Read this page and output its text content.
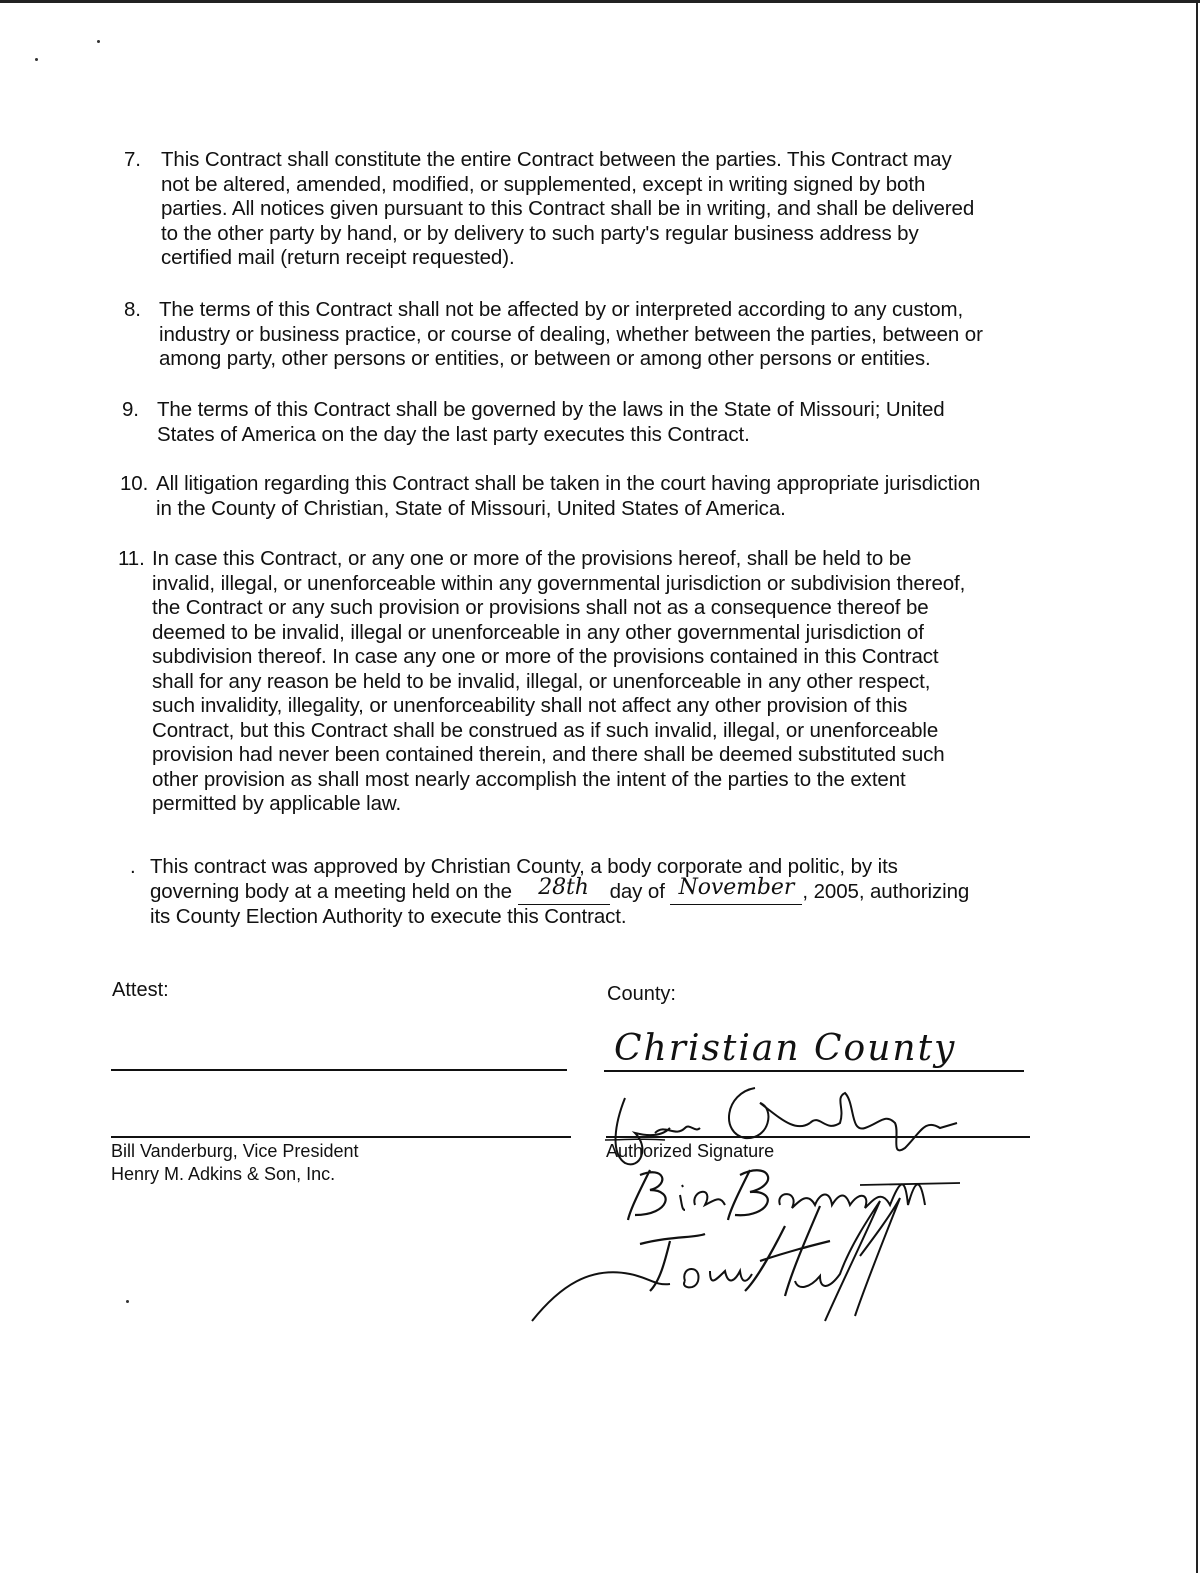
7. This Contract shall constitute the entire Contract between the parties. This Contract may
not be altered, amended, modified, or supplemented, except in writing signed by both
parties. All notices given pursuant to this Contract shall be in writing, and shall be delivered
to the other party by hand, or by delivery to such party's regular business address by
certified mail (return receipt requested).
8. The terms of this Contract shall not be affected by or interpreted according to any custom,
industry or business practice, or course of dealing, whether between the parties, between or
among party, other persons or entities, or between or among other persons or entities.
9. The terms of this Contract shall be governed by the laws in the State of Missouri; United
States of America on the day the last party executes this Contract.
10. All litigation regarding this Contract shall be taken in the court having appropriate jurisdiction
in the County of Christian, State of Missouri, United States of America.
11. In case this Contract, or any one or more of the provisions hereof, shall be held to be
invalid, illegal, or unenforceable within any governmental jurisdiction or subdivision thereof,
the Contract or any such provision or provisions shall not as a consequence thereof be
deemed to be invalid, illegal or unenforceable in any other governmental jurisdiction of
subdivision thereof. In case any one or more of the provisions contained in this Contract
shall for any reason be held to be invalid, illegal, or unenforceable in any other respect,
such invalidity, illegality, or unenforceability shall not affect any other provision of this
Contract, but this Contract shall be construed as if such invalid, illegal, or unenforceable
provision had never been contained therein, and there shall be deemed substituted such
other provision as shall most nearly accomplish the intent of the parties to the extent
permitted by applicable law.
. This contract was approved by Christian County, a body corporate and politic, by its
governing body at a meeting held on the 28th day of November , 2005, authorizing
its County Election Authority to execute this Contract.
Attest:
Bill Vanderburg, Vice President
Henry M. Adkins & Son, Inc.
County:
Christian County
Authorized Signature
